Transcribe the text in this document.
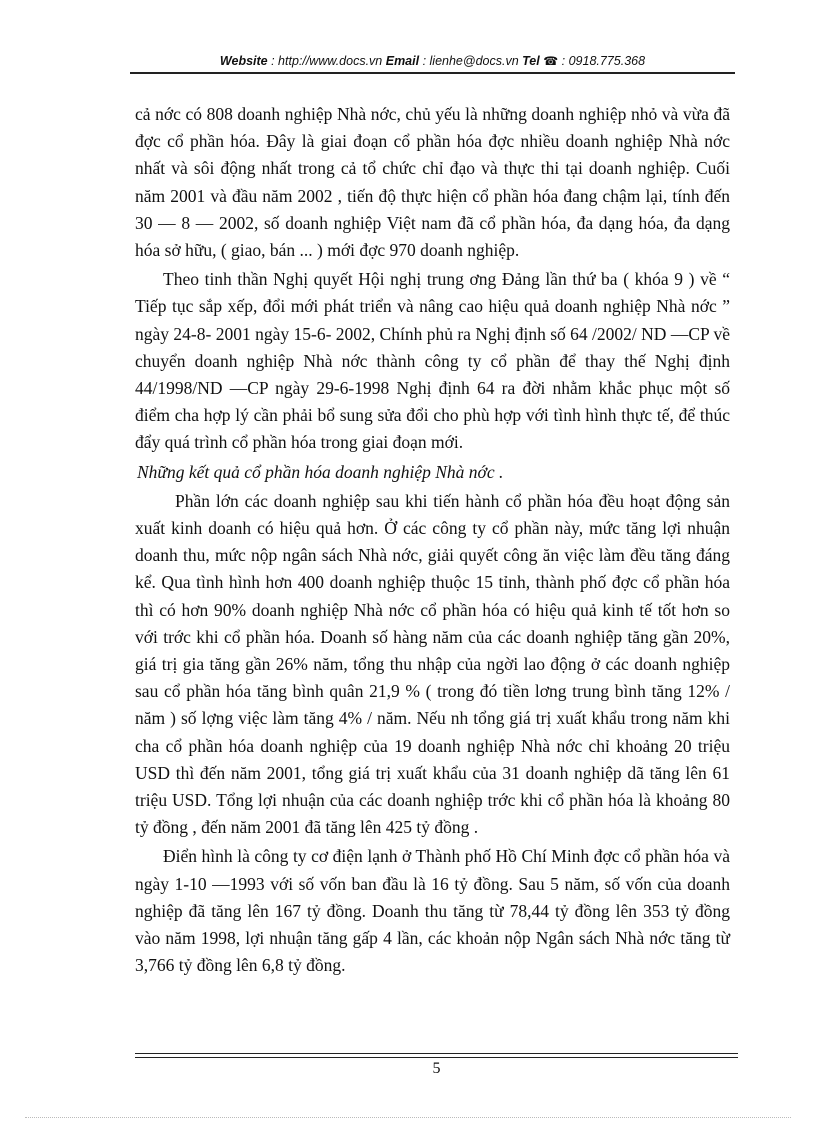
Website : http://www.docs.vn Email : lienhe@docs.vn Tel ☎ : 0918.775.368

cả nớc có 808 doanh nghiệp Nhà nớc, chủ yếu là những doanh nghiệp nhỏ và vừa đã đợc cổ phần hóa. Đây là giai đoạn cổ phần hóa đợc nhiều doanh nghiệp Nhà nớc nhất và sôi động nhất trong cả tổ chức chỉ đạo và thực thi tại doanh nghiệp. Cuối năm 2001 và đầu năm 2002 , tiến độ thực hiện cổ phần hóa đang chậm lại, tính đến 30 — 8 — 2002, số doanh nghiệp Việt nam đã cổ phần hóa, đa dạng hóa, đa dạng hóa sở hữu, ( giao, bán ... ) mới đợc 970 doanh nghiệp.

Theo tinh thần Nghị quyết Hội nghị trung ơng Đảng lần thứ ba ( khóa 9 ) về “ Tiếp tục sắp xếp, đổi mới phát triển và nâng cao hiệu quả doanh nghiệp Nhà nớc ” ngày 24-8- 2001 ngày 15-6- 2002, Chính phủ ra Nghị định số 64 /2002/ ND —CP về chuyển doanh nghiệp Nhà nớc thành công ty cổ phần để thay thế Nghị định 44/1998/ND —CP ngày 29-6-1998 Nghị định 64 ra đời nhằm khắc phục một số điểm cha hợp lý cần phải bổ sung sửa đổi cho phù hợp với tình hình thực tế, để thúc đẩy quá trình cổ phần hóa trong giai đoạn mới.

Những kết quả cổ phần hóa doanh nghiệp Nhà nớc .

Phần lớn các doanh nghiệp sau khi tiến hành cổ phần hóa đều hoạt động sản xuất kinh doanh có hiệu quả hơn. Ở các công ty cổ phần này, mức tăng lợi nhuận doanh thu, mức nộp ngân sách Nhà nớc, giải quyết công ăn việc làm đều tăng đáng kể. Qua tình hình hơn 400 doanh nghiệp thuộc 15 tỉnh, thành phố đợc cổ phần hóa thì có hơn 90% doanh nghiệp Nhà nớc cổ phần hóa có hiệu quả kinh tế tốt hơn so với trớc khi cổ phần hóa. Doanh số hàng năm của các doanh nghiệp tăng gần 20%, giá trị gia tăng gần 26% năm, tổng thu nhập của ngời lao động ở các doanh nghiệp sau cổ phần hóa tăng bình quân 21,9 % ( trong đó tiền lơng trung bình tăng 12% / năm ) số lợng việc làm tăng 4% / năm. Nếu nh tổng giá trị xuất khẩu trong năm khi cha cổ phần hóa doanh nghiệp của 19 doanh nghiệp Nhà nớc chỉ khoảng 20 triệu USD thì đến năm 2001, tổng giá trị xuất khẩu của 31 doanh nghiệp dã tăng lên 61 triệu USD. Tổng lợi nhuận của các doanh nghiệp trớc khi cổ phần hóa là khoảng 80 tỷ đồng , đến năm 2001 đã tăng lên 425 tỷ đồng .

Điển hình là công ty cơ điện lạnh ở Thành phố Hồ Chí Minh đợc cổ phần hóa và ngày 1-10 —1993 với số vốn ban đầu là 16 tỷ đồng. Sau 5 năm, số vốn của doanh nghiệp đã tăng lên 167 tỷ đồng. Doanh thu tăng từ 78,44 tỷ đồng lên 353 tỷ đồng vào năm 1998, lợi nhuận tăng gấp 4 lần, các khoản nộp Ngân sách Nhà nớc tăng từ 3,766 tỷ đồng lên 6,8 tỷ đồng.

5
